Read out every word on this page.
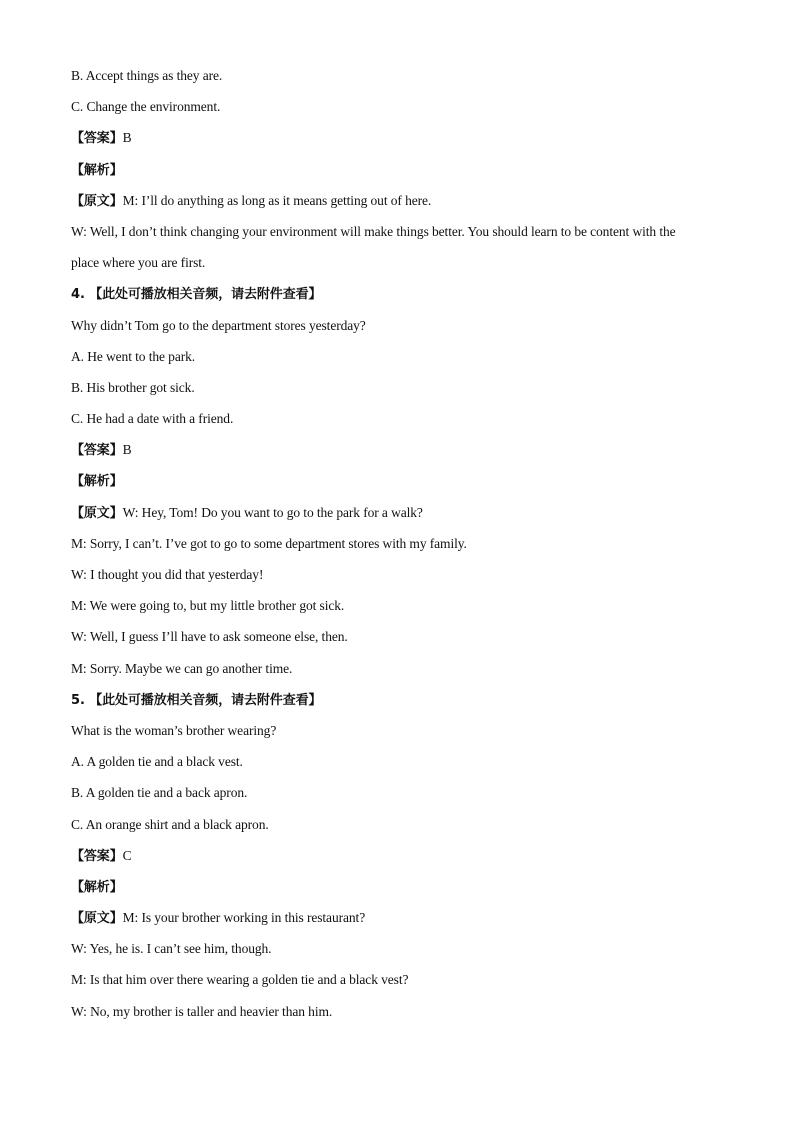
B. Accept things as they are.
C. Change the environment.
【答案】B
【解析】
【原文】M: I’ll do anything as long as it means getting out of here.
W: Well, I don’t think changing your environment will make things better. You should learn to be content with the
place where you are first.
4. 【此处可播放相关音频，请去附件查看】
Why didn’t Tom go to the department stores yesterday?
A. He went to the park.
B. His brother got sick.
C. He had a date with a friend.
【答案】B
【解析】
【原文】W: Hey, Tom! Do you want to go to the park for a walk?
M: Sorry, I can’t. I’ve got to go to some department stores with my family.
W: I thought you did that yesterday!
M: We were going to, but my little brother got sick.
W: Well, I guess I’ll have to ask someone else, then.
M: Sorry. Maybe we can go another time.
5. 【此处可播放相关音频，请去附件查看】
What is the woman’s brother wearing?
A. A golden tie and a black vest.
B. A golden tie and a back apron.
C. An orange shirt and a black apron.
【答案】C
【解析】
【原文】M: Is your brother working in this restaurant?
W: Yes, he is. I can’t see him, though.
M: Is that him over there wearing a golden tie and a black vest?
W: No, my brother is taller and heavier than him.
